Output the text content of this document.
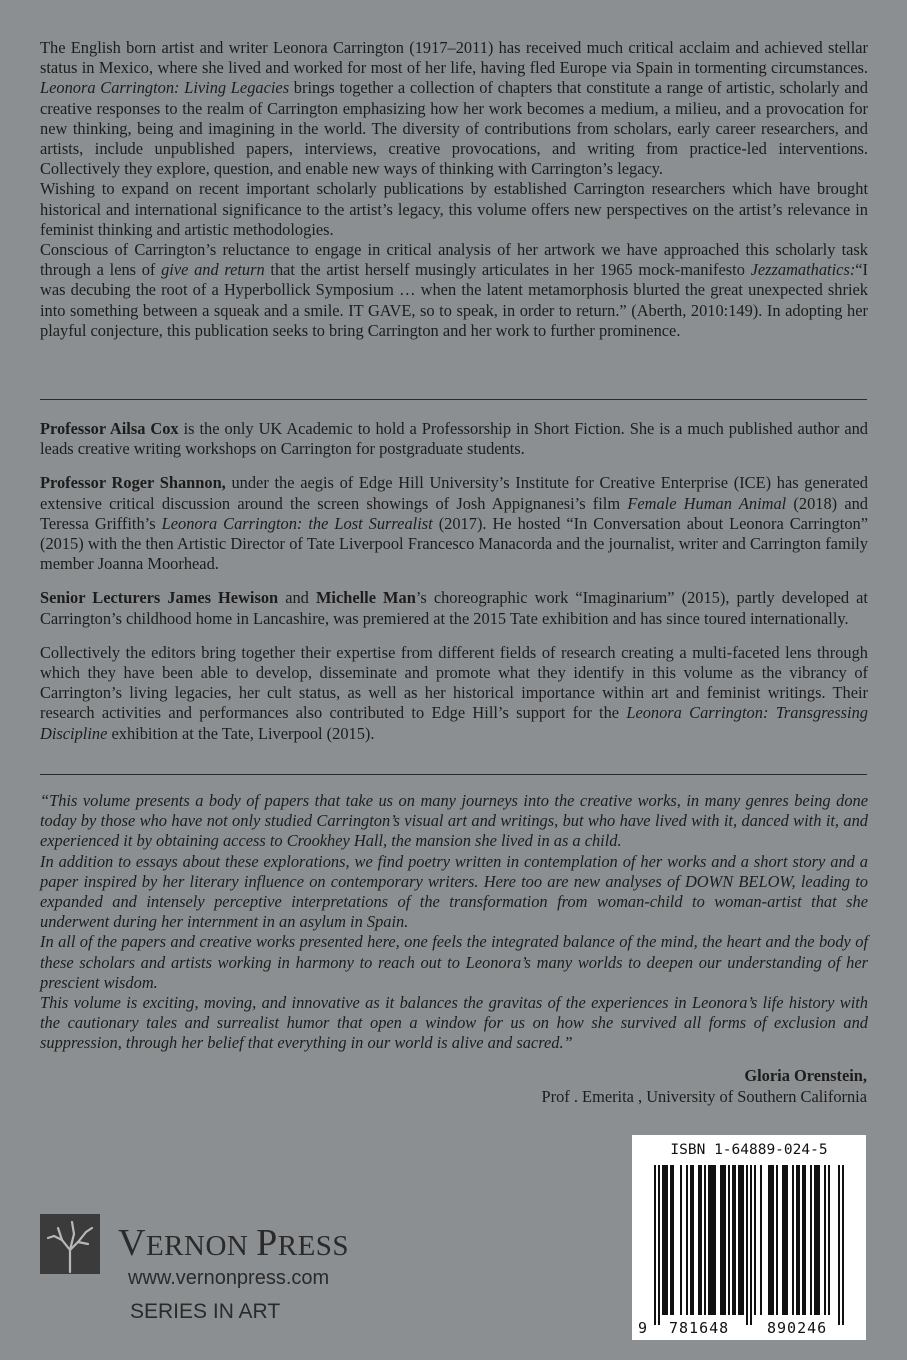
The English born artist and writer Leonora Carrington (1917–2011) has received much critical acclaim and achieved stellar status in Mexico, where she lived and worked for most of her life, having fled Europe via Spain in tormenting circumstances. Leonora Carrington: Living Legacies brings together a collection of chapters that constitute a range of artistic, scholarly and creative responses to the realm of Carrington emphasizing how her work becomes a medium, a milieu, and a provocation for new thinking, being and imagining in the world. The diversity of contributions from scholars, early career researchers, and artists, include unpublished papers, interviews, creative provocations, and writing from practice-led interventions. Collectively they explore, question, and enable new ways of thinking with Carrington’s legacy.

Wishing to expand on recent important scholarly publications by established Carrington researchers which have brought historical and international significance to the artist’s legacy, this volume offers new perspectives on the artist’s relevance in feminist thinking and artistic methodologies.

Conscious of Carrington’s reluctance to engage in critical analysis of her artwork we have approached this scholarly task through a lens of give and return that the artist herself musingly articulates in her 1965 mock-manifesto Jezzamathatics:“I was decubing the root of a Hyperbollick Symposium … when the latent metamorphosis blurted the great unexpected shriek into something between a squeak and a smile. IT GAVE, so to speak, in order to return.” (Aberth, 2010:149). In adopting her playful conjecture, this publication seeks to bring Carrington and her work to further prominence.

Professor Ailsa Cox is the only UK Academic to hold a Professorship in Short Fiction. She is a much published author and leads creative writing workshops on Carrington for postgraduate students.

Professor Roger Shannon, under the aegis of Edge Hill University’s Institute for Creative Enterprise (ICE) has generated extensive critical discussion around the screen showings of Josh Appignanesi’s film Female Human Animal (2018) and Teressa Griffith’s Leonora Carrington: the Lost Surrealist (2017). He hosted “In Conversation about Leonora Carrington” (2015) with the then Artistic Director of Tate Liverpool Francesco Manacorda and the journalist, writer and Carrington family member Joanna Moorhead.

Senior Lecturers James Hewison and Michelle Man’s choreographic work “Imaginarium” (2015), partly developed at Carrington’s childhood home in Lancashire, was premiered at the 2015 Tate exhibition and has since toured internationally.

Collectively the editors bring together their expertise from different fields of research creating a multi-faceted lens through which they have been able to develop, disseminate and promote what they identify in this volume as the vibrancy of Carrington’s living legacies, her cult status, as well as her historical importance within art and feminist writings. Their research activities and performances also contributed to Edge Hill’s support for the Leonora Carrington: Transgressing Discipline exhibition at the Tate, Liverpool (2015).

“This volume presents a body of papers that take us on many journeys into the creative works, in many genres being done today by those who have not only studied Carrington’s visual art and writings, but who have lived with it, danced with it, and experienced it by obtaining access to Crookhey Hall, the mansion she lived in as a child.

In addition to essays about these explorations, we find poetry written in contemplation of her works and a short story and a paper inspired by her literary influence on contemporary writers. Here too are new analyses of DOWN BELOW, leading to expanded and intensely perceptive interpretations of the transformation from woman-child to woman-artist that she underwent during her internment in an asylum in Spain.

In all of the papers and creative works presented here, one feels the integrated balance of the mind, the heart and the body of these scholars and artists working in harmony to reach out to Leonora’s many worlds to deepen our understanding of her prescient wisdom.

This volume is exciting, moving, and innovative as it balances the gravitas of the experiences in Leonora’s life history with the cautionary tales and surrealist humor that open a window for us on how she survived all forms of exclusion and suppression, through her belief that everything in our world is alive and sacred.”

Gloria Orenstein,
Prof . Emerita , University of Southern California
VERNON PRESS
www.vernonpress.com
SERIES IN ART
ISBN 1-64889-024-5
9 781648	890246
